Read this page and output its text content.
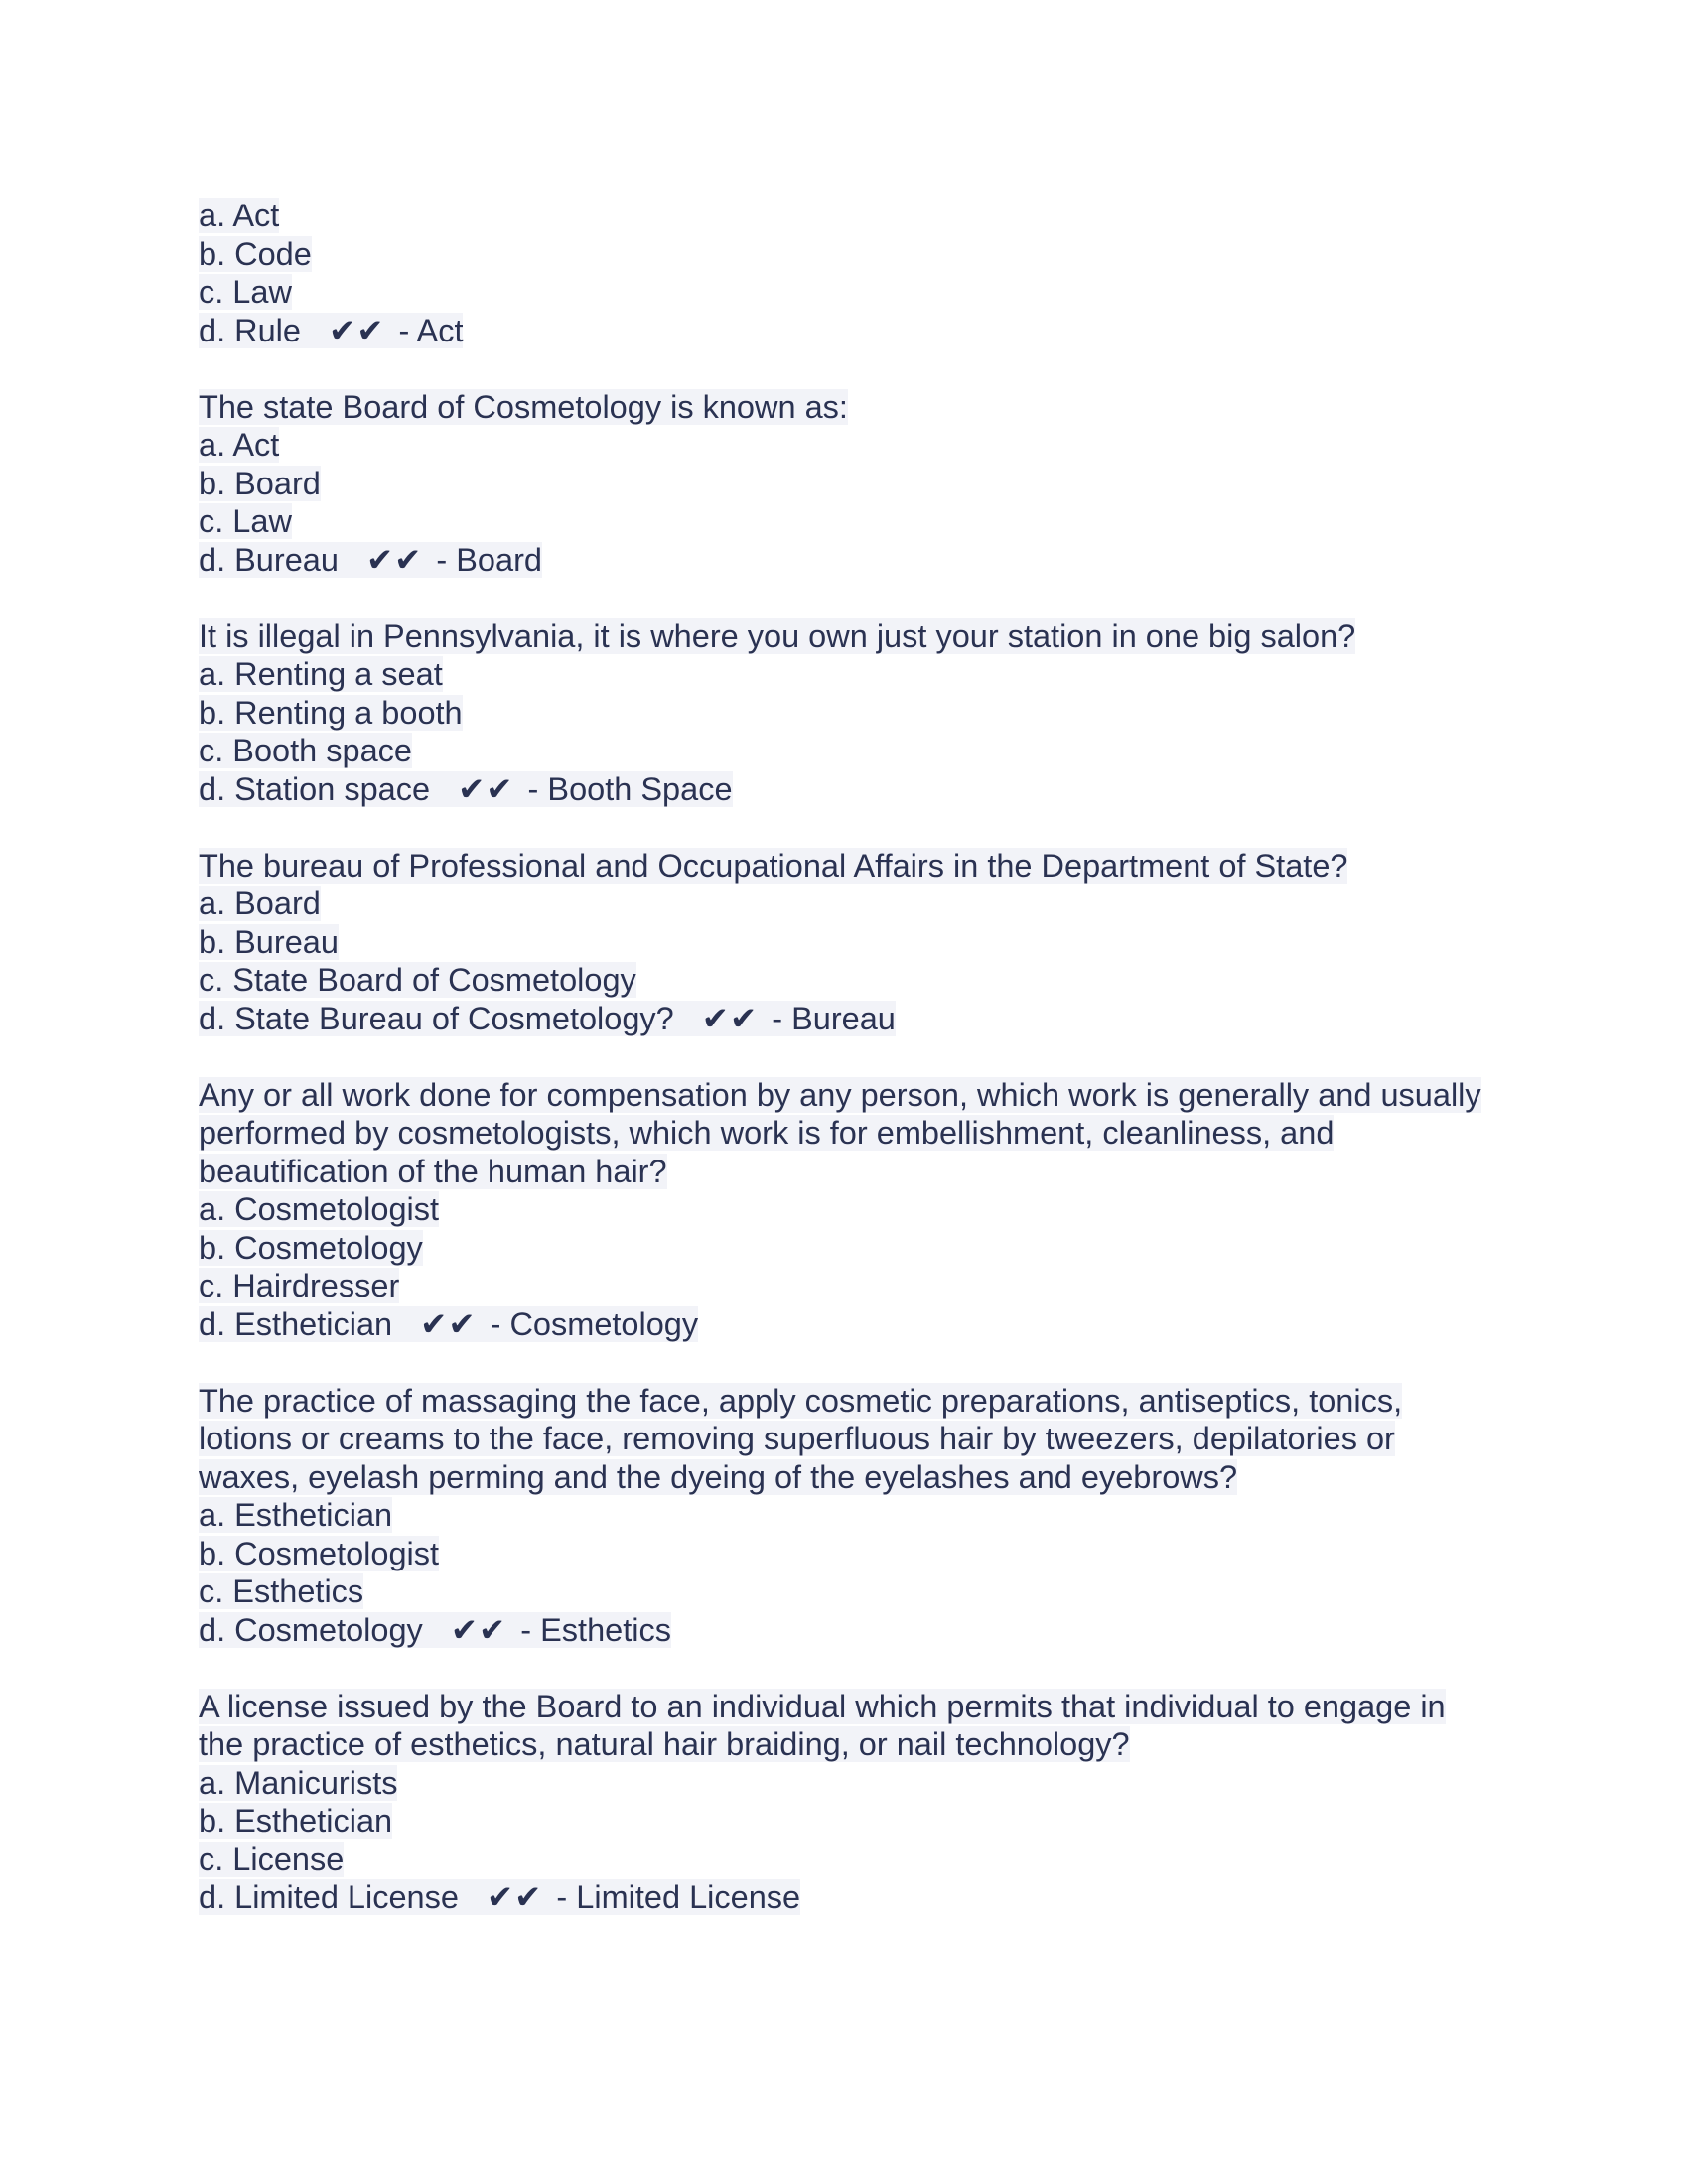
a. Act
b. Code
c. Law
d. Rule ✔✔ - Act
The state Board of Cosmetology is known as:
a. Act
b. Board
c. Law
d. Bureau ✔✔ - Board
It is illegal in Pennsylvania, it is where you own just your station in one big salon?
a. Renting a seat
b. Renting a booth
c. Booth space
d. Station space ✔✔ - Booth Space
The bureau of Professional and Occupational Affairs in the Department of State?
a. Board
b. Bureau
c. State Board of Cosmetology
d. State Bureau of Cosmetology? ✔✔ - Bureau
Any or all work done for compensation by any person, which work is generally and usually performed by cosmetologists, which work is for embellishment, cleanliness, and beautification of the human hair?
a. Cosmetologist
b. Cosmetology
c. Hairdresser
d. Esthetician ✔✔ - Cosmetology
The practice of massaging the face, apply cosmetic preparations, antiseptics, tonics, lotions or creams to the face, removing superfluous hair by tweezers, depilatories or waxes, eyelash perming and the dyeing of the eyelashes and eyebrows?
a. Esthetician
b. Cosmetologist
c. Esthetics
d. Cosmetology ✔✔ - Esthetics
A license issued by the Board to an individual which permits that individual to engage in the practice of esthetics, natural hair braiding, or nail technology?
a. Manicurists
b. Esthetician
c. License
d. Limited License ✔✔ - Limited License
